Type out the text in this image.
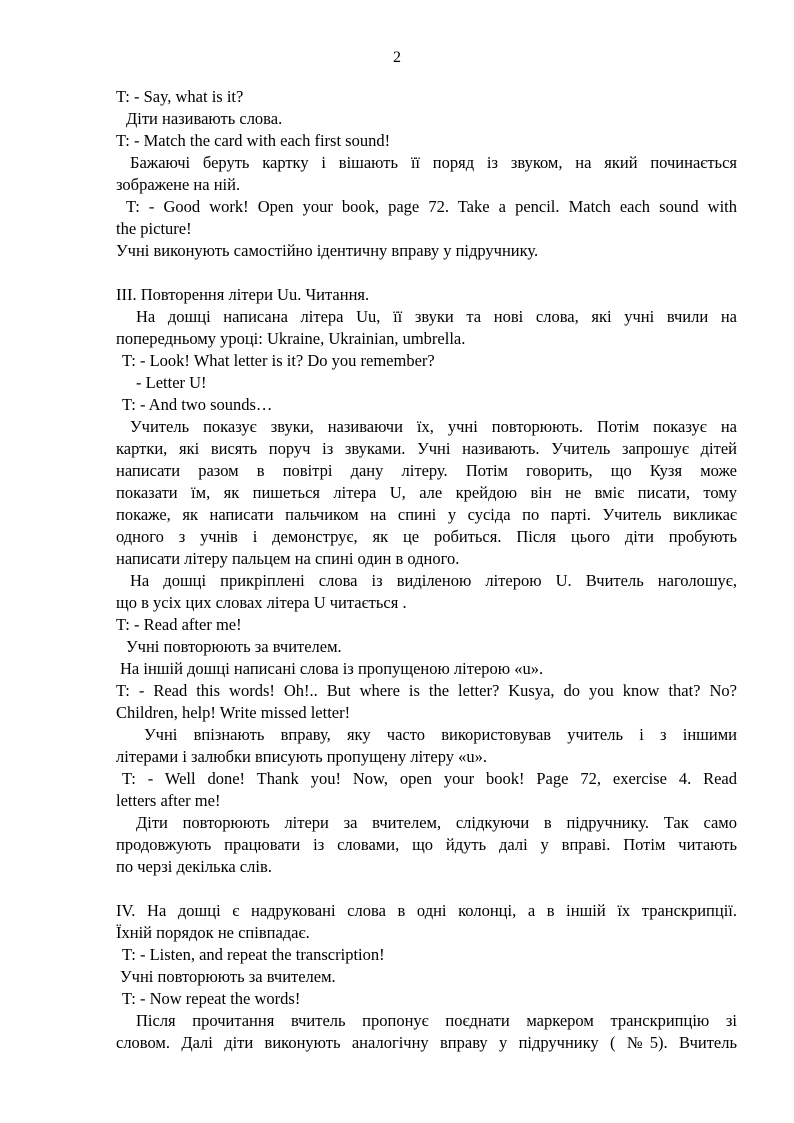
2
T: - Say, what is it?
Діти називають слова.
T: - Match the card with each first sound!
Бажаючі беруть картку і вішають її поряд із звуком, на який починається
зображене на ній.
T: - Good work! Open your book, page 72. Take a pencil. Match each sound with
the picture!
Учні виконують самостійно ідентичну вправу у підручнику.
ІІІ. Повторення літери Uu. Читання.
На дошці написана літера Uu, її звуки та нові слова, які учні вчили на
попередньому уроці: Ukraine, Ukrainian, umbrella.
T: - Look! What letter is it? Do you remember?
- Letter U!
T: - And two sounds…
Учитель показує звуки, називаючи їх, учні повторюють. Потім показує на
картки, які висять поруч із звуками. Учні називають. Учитель запрошує дітей
написати разом в повітрі дану літеру. Потім говорить, що Кузя може
показати їм, як пишеться літера U, але крейдою він не вміє писати, тому
покаже, як написати пальчиком на спині у сусіда по парті. Учитель викликає
одного з учнів і демонструє, як це робиться. Після цього діти пробують
написати літеру пальцем на спині один в одного.
На дошці прикріплені слова із виділеною літерою U. Вчитель наголошує,
що в усіх цих словах літера U читається .
T: - Read after me!
Учні повторюють за вчителем.
На іншій дошці написані слова із пропущеною літерою «u».
T: - Read this words! Oh!.. But where is the letter? Kusya, do you know that? No?
Children, help! Write missed letter!
Учні впізнають вправу, яку часто використовував учитель і з іншими
літерами і залюбки вписують пропущену літеру «u».
T: - Well done! Thank you! Now, open your book! Page 72, exercise 4. Read
letters after me!
Діти повторюють літери за вчителем, слідкуючи в підручнику. Так само
продовжують працювати із словами, що йдуть далі у вправі. Потім читають
по черзі декілька слів.
IV. На дошці є надруковані слова в одні колонці, а в іншій їх транскрипції.
Їхній порядок не співпадає.
T: - Listen, and repeat the transcription!
Учні повторюють за вчителем.
T: - Now repeat the words!
Після прочитання вчитель пропонує поєднати маркером транскрипцію зі
словом. Далі діти виконують аналогічну вправу у підручнику ( №5). Вчитель
